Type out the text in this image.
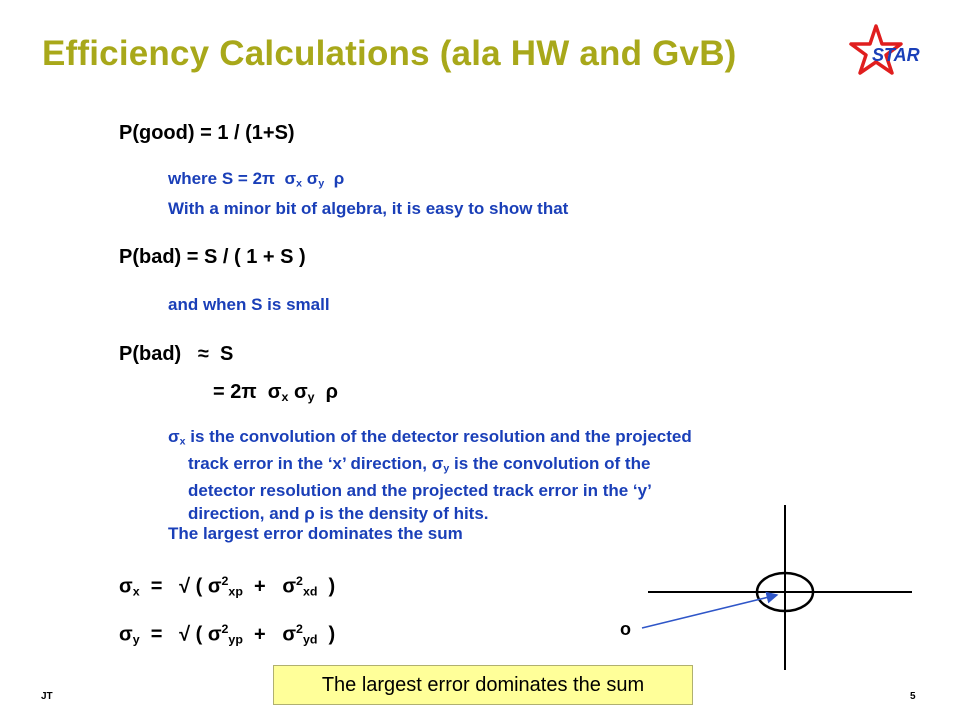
Efficiency Calculations (ala HW and GvB)	STAR
P(good) = 1 / (1+S)
where S = 2π $\sigma_x$ $\sigma_y$ ρ
With a minor bit of algebra, it is easy to show that
P(bad) = S / ( 1 + S )
and when S is small
P(bad) ≈ S
= 2π $\sigma_x$ $\sigma_y$ ρ
$\sigma_x$ is the convolution of the detector resolution and the projected
track error in the ‘x’ direction, $\sigma_y$ is the convolution of the
detector resolution and the projected track error in the ‘y’
direction, and ρ is the density of hits.
The largest error dominates the sum
$\sigma_x$  =   √ ( $\sigma^2_{xp} + \sigma^2_{xd}$  )
$\sigma_y$  =   √ ( $\sigma^2_{yp} + \sigma^2_{yd}$  )	o
The largest error dominates the sum
JT	5
